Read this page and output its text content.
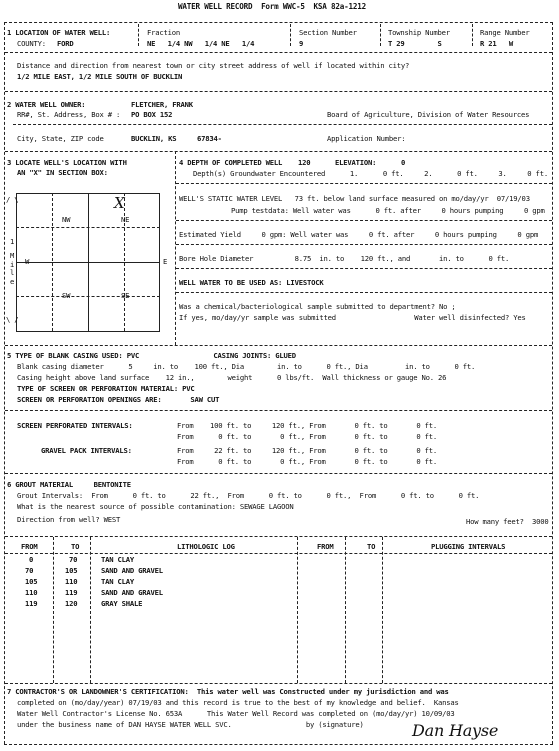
WATER WELL RECORD  Form WWC-5  KSA 82a-1212
1 LOCATION OF WATER WELL:
COUNTY: FORD
Fraction
NE   1/4 NW   1/4 NE   1/4
Section Number
9
Township Number
T 29        S
Range Number
R 21   W
Distance and direction from nearest town or city street address of well if located within city?
1/2 MILE EAST, 1/2 MILE SOUTH OF BUCKLIN
2 WATER WELL OWNER:	FLETCHER, FRANK
RR#, St. Address, Box # : PO BOX 152	Board of Agriculture, Division of Water Resources
City, State, ZIP code	BUCKLIN, KS     67834-	Application Number:
3 LOCATE WELL'S LOCATION WITH
AN "X" IN SECTION BOX:
NW	NE
SW	SE
X
/ \
1
M
i
l
e
\ /
W	E
4 DEPTH OF COMPLETED WELL 120	ELEVATION:	0
Depth(s) Groundwater Encountered      1.      0 ft.     2.      0 ft.     3.     0 ft.
WELL'S STATIC WATER LEVEL   73 ft. below land surface measured on mo/day/yr  07/19/03
Pump testdata: Well water was      0 ft. after     0 hours pumping     0 gpm
Estimated Yield     0 gpm: Well water was     0 ft. after     0 hours pumping     0 gpm
Bore Hole Diameter          8.75  in. to    120 ft., and       in. to      0 ft.
WELL WATER TO BE USED AS: LIVESTOCK
Was a chemical/bacteriological sample submitted to department? No ;
If yes, mo/day/yr sample was submitted                   Water well disinfected? Yes
5 TYPE OF BLANK CASING USED: PVC                  CASING JOINTS: GLUED
Blank casing diameter      5     in. to    100 ft., Dia        in. to      0 ft., Dia         in. to      0 ft.
Casing height above land surface    12 in.,        weight      0 lbs/ft.  Wall thickness or gauge No. 26
TYPE OF SCREEN OR PERFORATION MATERIAL: PVC
SCREEN OR PERFORATION OPENINGS ARE:       SAW CUT
SCREEN PERFORATED INTERVALS:	From    100 ft. to     120 ft., From       0 ft. to       0 ft.
From      0 ft. to       0 ft., From       0 ft. to       0 ft.
GRAVEL PACK INTERVALS:	From     22 ft. to     120 ft., From       0 ft. to       0 ft.
From      0 ft. to       0 ft., From       0 ft. to       0 ft.
6 GROUT MATERIAL     BENTONITE
Grout Intervals:  From      0 ft. to      22 ft.,  From      0 ft. to      0 ft.,  From      0 ft. to      0 ft.
What is the nearest source of possible contamination: SEWAGE LAGOON
Direction from well? WEST	How many feet?  3000
FROM	TO	LITHOLOGIC LOG	FROM	TO	PLUGGING INTERVALS
0	70	TAN CLAY
70	105	SAND AND GRAVEL
105	110	TAN CLAY
110	119	SAND AND GRAVEL
119	120	GRAY SHALE
7 CONTRACTOR'S OR LANDOWNER'S CERTIFICATION:  This water well was Constructed under my jurisdiction and was
completed on (mo/day/year) 07/19/03 and this record is true to the best of my knowledge and belief.  Kansas
Water Well Contractor's License No. 653A      This Water Well Record was completed on (mo/day/yr) 10/09/03
under the business name of DAN HAYSE WATER WELL SVC.                  by (signature)	Dan Hayse
